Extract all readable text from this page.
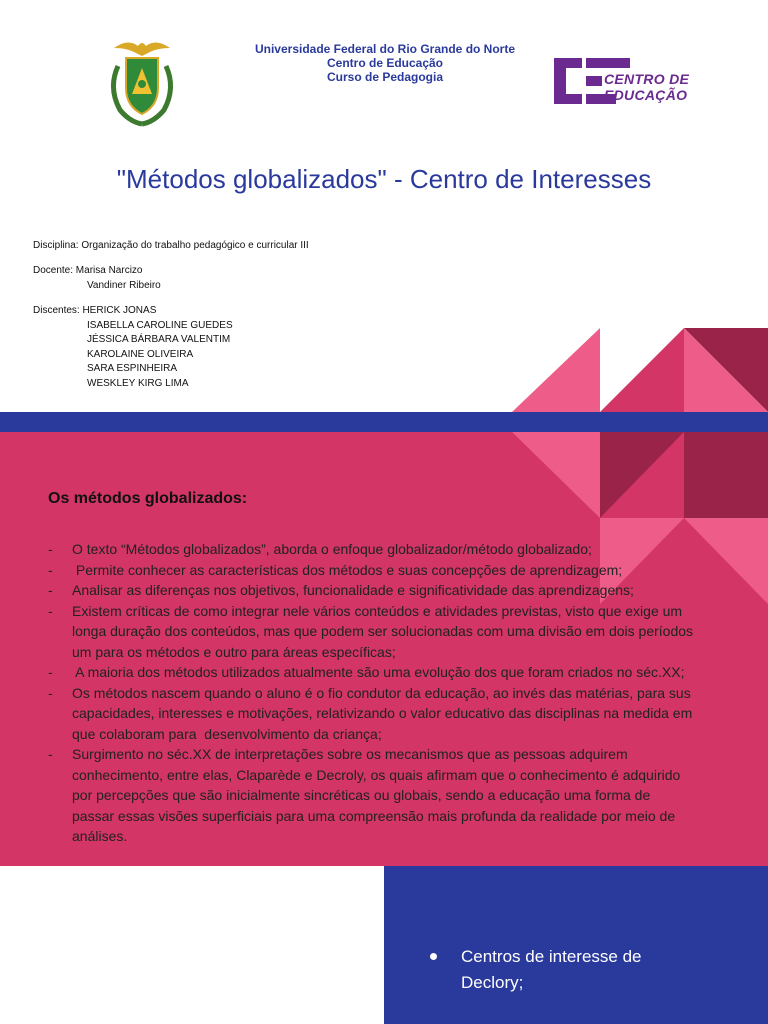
Universidade Federal do Rio Grande do Norte
Centro de Educação
Curso de Pedagogia	CENTRO DE
EDUCAÇÃO
"Métodos globalizados" - Centro de Interesses
Disciplina: Organização do trabalho pedagógico e curricular III
Docente: Marisa Narcizo
Vandiner Ribeiro
Discentes: HERICK JONAS
ISABELLA CAROLINE GUEDES
JÉSSICA BÁRBARA VALENTIM
KAROLAINE OLIVEIRA
SARA ESPINHEIRA
WESKLEY KIRG LIMA
Os métodos globalizados:
- O texto “Métodos globalizados”, aborda o enfoque globalizador/método globalizado;
- Permite conhecer as características dos métodos e suas concepções de aprendizagem;
- Analisar as diferenças nos objetivos, funcionalidade e significatividade das aprendizagens;
- Existem críticas de como integrar nele vários conteúdos e atividades previstas, visto que exige um
longa duração dos conteúdos, mas que podem ser solucionadas com uma divisão em dois períodos
um para os métodos e outro para áreas específicas;
- A maioria dos métodos utilizados atualmente são uma evolução dos que foram criados no séc.XX;
- Os métodos nascem quando o aluno é o fio condutor da educação, ao invés das matérias, para sus
capacidades, interesses e motivações, relativizando o valor educativo das disciplinas na medida em
que colaboram para  desenvolvimento da criança;
- Surgimento no séc.XX de interpretações sobre os mecanismos que as pessoas adquirem
conhecimento, entre elas, Claparède e Decroly, os quais afirmam que o conhecimento é adquirido
por percepções que são inicialmente sincréticas ou globais, sendo a educação uma forma de
passar essas visões superficiais para uma compreensão mais profunda da realidade por meio de
análises.
Centros de interesse de
Declory;
